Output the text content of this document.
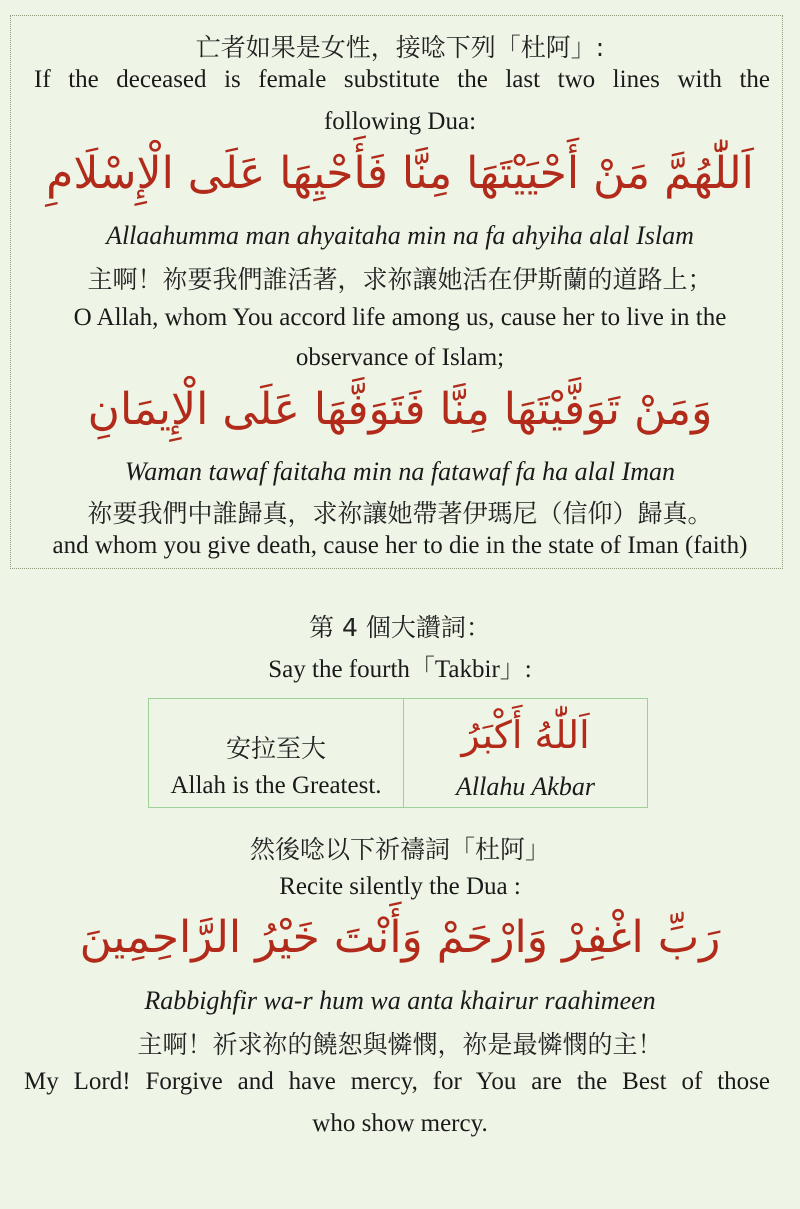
亡者如果是女性，接唸下列「杜阿」:
If the deceased is female substitute the last two lines with the
following Dua:
اَللّٰهُمَّ مَنْ أَحْيَيْتَهَا مِنَّا فَأَحْيِهَا عَلَى الْإِسْلَامِ
Allaahumma man ahyaitaha min na fa ahyiha alal Islam
主啊！祢要我們誰活著，求祢讓她活在伊斯蘭的道路上；
O Allah, whom You accord life among us, cause her to live in the
observance of Islam;
وَمَنْ تَوَفَّيْتَهَا مِنَّا فَتَوَفَّهَا عَلَى الْإِيمَانِ
Waman tawaf faitaha min na fatawaf fa ha alal Iman
祢要我們中誰歸真，求祢讓她帶著伊瑪尼（信仰）歸真。
and whom you give death, cause her to die in the state of Iman (faith)
第 4 個大讚詞：
Say the fourth「Takbir」:
安拉至大
Allah is the Greatest.
اَللّٰهُ أَكْبَرُ
Allahu Akbar
然後唸以下祈禱詞「杜阿」
Recite silently the Dua :
رَبِّ اغْفِرْ وَارْحَمْ وَأَنْتَ خَيْرُ الرَّاحِمِينَ
Rabbighfir wa-r hum wa anta khairur raahimeen
主啊！祈求祢的饒恕與憐憫，祢是最憐憫的主！
My Lord! Forgive and have mercy, for You are the Best of those
who show mercy.
